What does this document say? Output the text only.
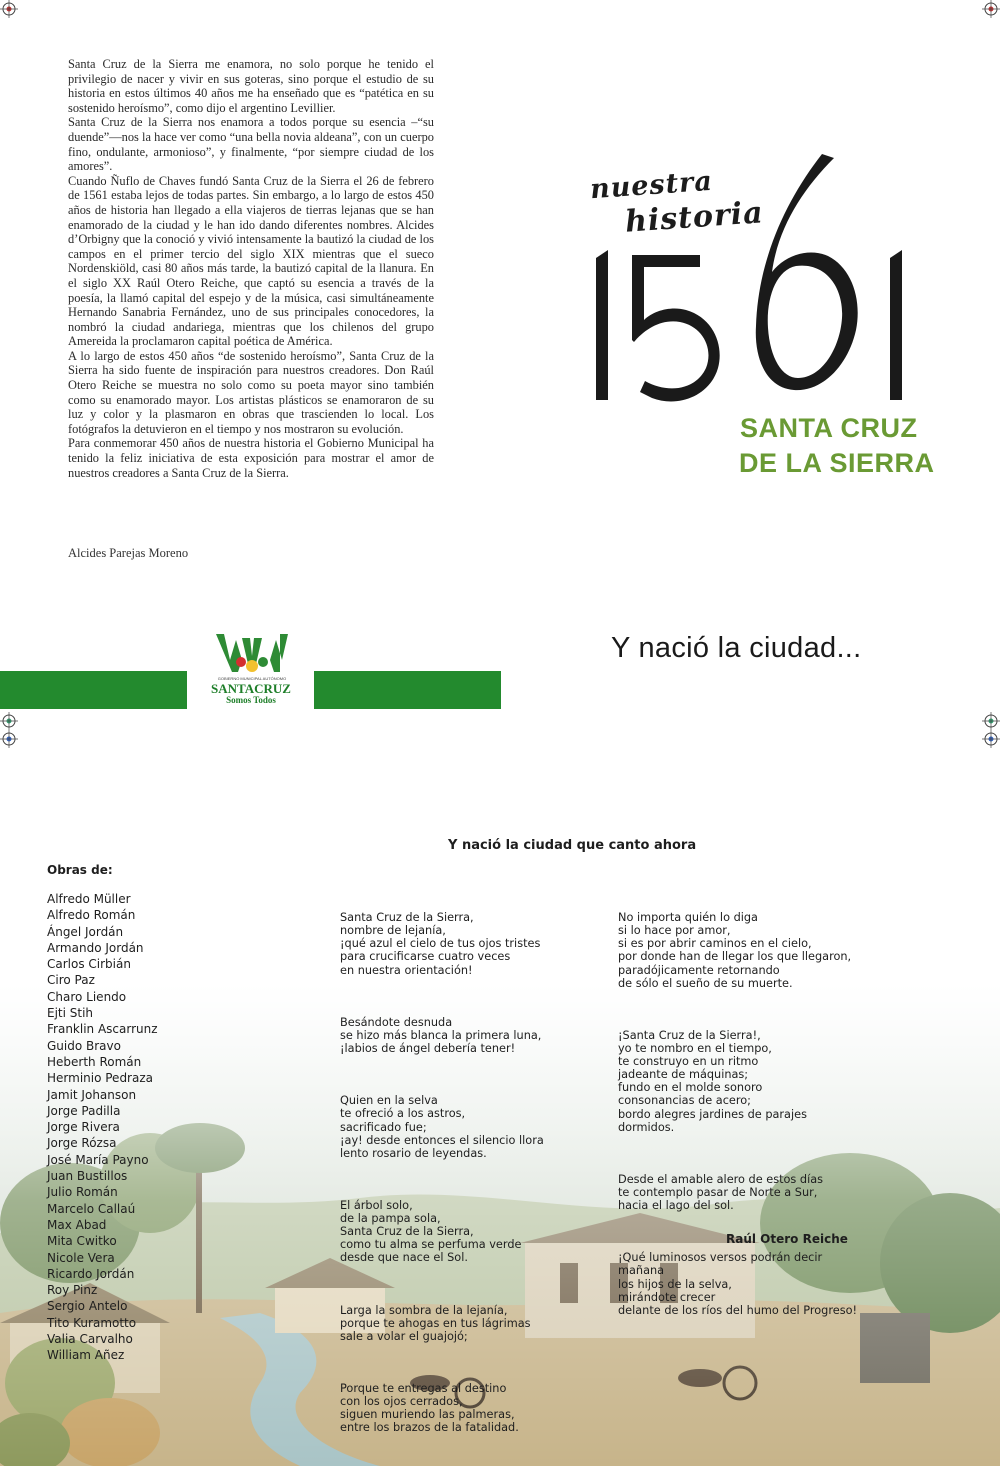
Santa Cruz de la Sierra me enamora, no solo porque he tenido el privilegio de nacer y vivir en sus goteras, sino porque el estudio de su historia en estos últimos 40 años me ha enseñado que es “patética en su sostenido heroísmo”, como dijo el argentino Levillier.

Santa Cruz de la Sierra nos enamora a todos porque su esencia –“su duende”—nos la hace ver como “una bella novia aldeana”, con un cuerpo fino, ondulante, armonioso”, y finalmente, “por siempre ciudad de los amores”.

Cuando Ñuflo de Chaves fundó Santa Cruz de la Sierra el 26 de febrero de 1561 estaba lejos de todas partes. Sin embargo, a lo largo de estos 450 años de historia han llegado a ella viajeros de tierras lejanas que se han enamorado de la ciudad y le han ido dando diferentes nombres. Alcides d’Orbigny que la conoció y vivió intensamente la bautizó la ciudad de los campos en el primer tercio del siglo XIX mientras que el sueco Nordenskiöld, casi 80 años más tarde, la bautizó capital de la llanura. En el siglo XX Raúl Otero Reiche, que captó su esencia a través de la poesía, la llamó capital del espejo y de la música, casi simultáneamente Hernando Sanabria Fernández, uno de sus principales conocedores, la nombró la ciudad andariega, mientras que los chilenos del grupo Amereida la proclamaron capital poética de América.

A lo largo de estos 450 años “de sostenido heroísmo”, Santa Cruz de la Sierra ha sido fuente de inspiración para nuestros creadores. Don Raúl Otero Reiche se muestra no solo como su poeta mayor sino también como su enamorado mayor. Los artistas plásticos se enamoraron de su luz y color y la plasmaron en obras que trascienden lo local. Los fotógrafos la detuvieron en el tiempo y nos mostraron su evolución.

Para conmemorar 450 años de nuestra historia el Gobierno Municipal ha tenido la feliz iniciativa de esta exposición para mostrar el amor de nuestros creadores a Santa Cruz de la Sierra.

Alcides Parejas Moreno
nuestra
historia
SANTA CRUZ
DE LA SIERRA
GOBIERNO MUNICIPAL AUTÓNOMO
SANTACRUZ
Somos Todos
Y nació la ciudad...
Obras de:
Alfredo Müller
Alfredo Román
Ángel Jordán
Armando Jordán
Carlos Cirbián
Ciro Paz
Charo Liendo
Ejti Stih
Franklin Ascarrunz
Guido Bravo
Heberth Román
Herminio Pedraza
Jamit Johanson
Jorge Padilla
Jorge Rivera
Jorge Rózsa
José María Payno
Juan Bustillos
Julio Román
Marcelo Callaú
Max Abad
Mita Cwitko
Nicole Vera
Ricardo Jordán
Roy Pinz
Sergio Antelo
Tito Kuramotto
Valia Carvalho
William Añez
Y nació la ciudad que canto ahora

Santa Cruz de la Sierra,
nombre de lejanía,
¡qué azul el cielo de tus ojos tristes
para crucificarse cuatro veces
en nuestra orientación!

Besándote desnuda
se hizo más blanca la primera luna,
¡labios de ángel debería tener!

Quien en la selva
te ofreció a los astros,
sacrificado fue;
¡ay! desde entonces el silencio llora
lento rosario de leyendas.

El árbol solo,
de la pampa sola,
Santa Cruz de la Sierra,
como tu alma se perfuma verde
desde que nace el Sol.

Larga la sombra de la lejanía,
porque te ahogas en tus lágrimas
sale a volar el guajojó;

Porque te entregas al destino
con los ojos cerrados,
siguen muriendo las palmeras,
entre los brazos de la fatalidad.

No importa quién lo diga
si lo hace por amor,
si es por abrir caminos en el cielo,
por donde han de llegar los que llegaron,
paradójicamente retornando
de sólo el sueño de su muerte.

¡Santa Cruz de la Sierra!,
yo te nombro en el tiempo,
te construyo en un ritmo
jadeante de máquinas;
fundo en el molde sonoro
consonancias de acero;
bordo alegres jardines de parajes
dormidos.

Desde el amable alero de estos días
te contemplo pasar de Norte a Sur,
hacia el lago del sol.

¡Qué luminosos versos podrán decir
mañana
los hijos de la selva,
mirándote crecer
delante de los ríos del humo del Progreso!

Raúl Otero Reiche
